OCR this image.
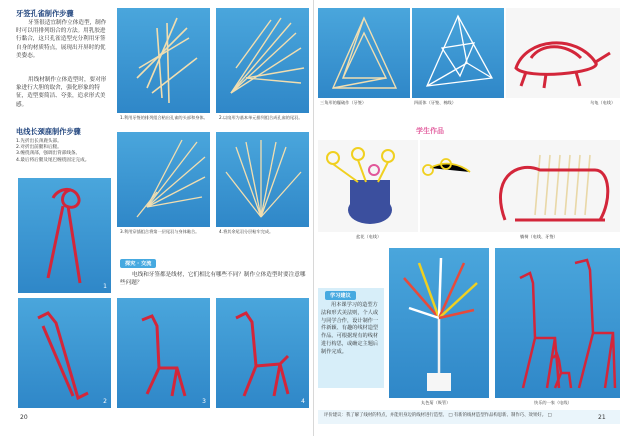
牙签孔雀制作步骤
牙签很适宜制作立体造型，制作时可以用排列组合的方法。用乳胶进行黏合，这只孔雀造型充分利用牙签自身的材质特点，展现出开屏时的优美姿态。
用线材制作立体造型时，要对形象进行大胆的取舍，强化形象的特征，造型要简洁、夸张，追求形式美感。
电线长颈鹿制作步骤
1.先折出长颈鹿头部。
2.对折出前腿和后腿。
3.缠绕颈部，强调出背部线条。
4.最后将后腿及尾巴缠绕固定完成。
1
2	3	4
1.利用牙签的排列组合粘出孔雀的头部和身体。	2.以扇形为基本单元排列组合成孔雀的尾羽。
3.利用穿插组合将第一层尾羽与身体黏合。	4.将其余尾羽分层粘牢完成。
探究 · 交流
电线和牙签都是线材，它们相比有哪些不同？制作立体造型时要注意哪些问题？
20
三角形的爆破作（牙签）	四面体（牙签、棉线）	乌龟（电线）
学生作品
盆花（电线）	躺椅（电线、牙签）
学习建议
用本课学习的造型方法和形式美法则，个人或与同学合作，设计制作一件新颖、有趣的线材造型作品。可根据现有的线材进行构思，或确定主题后制作完成。
丸色菊（吸管）	快乐的一家（电线）
评价建议：我了解了线材的特点，并能用身边的线材进行造型。 □ 有新的线材造型作品构思新、制作巧、效果好。 □	21
